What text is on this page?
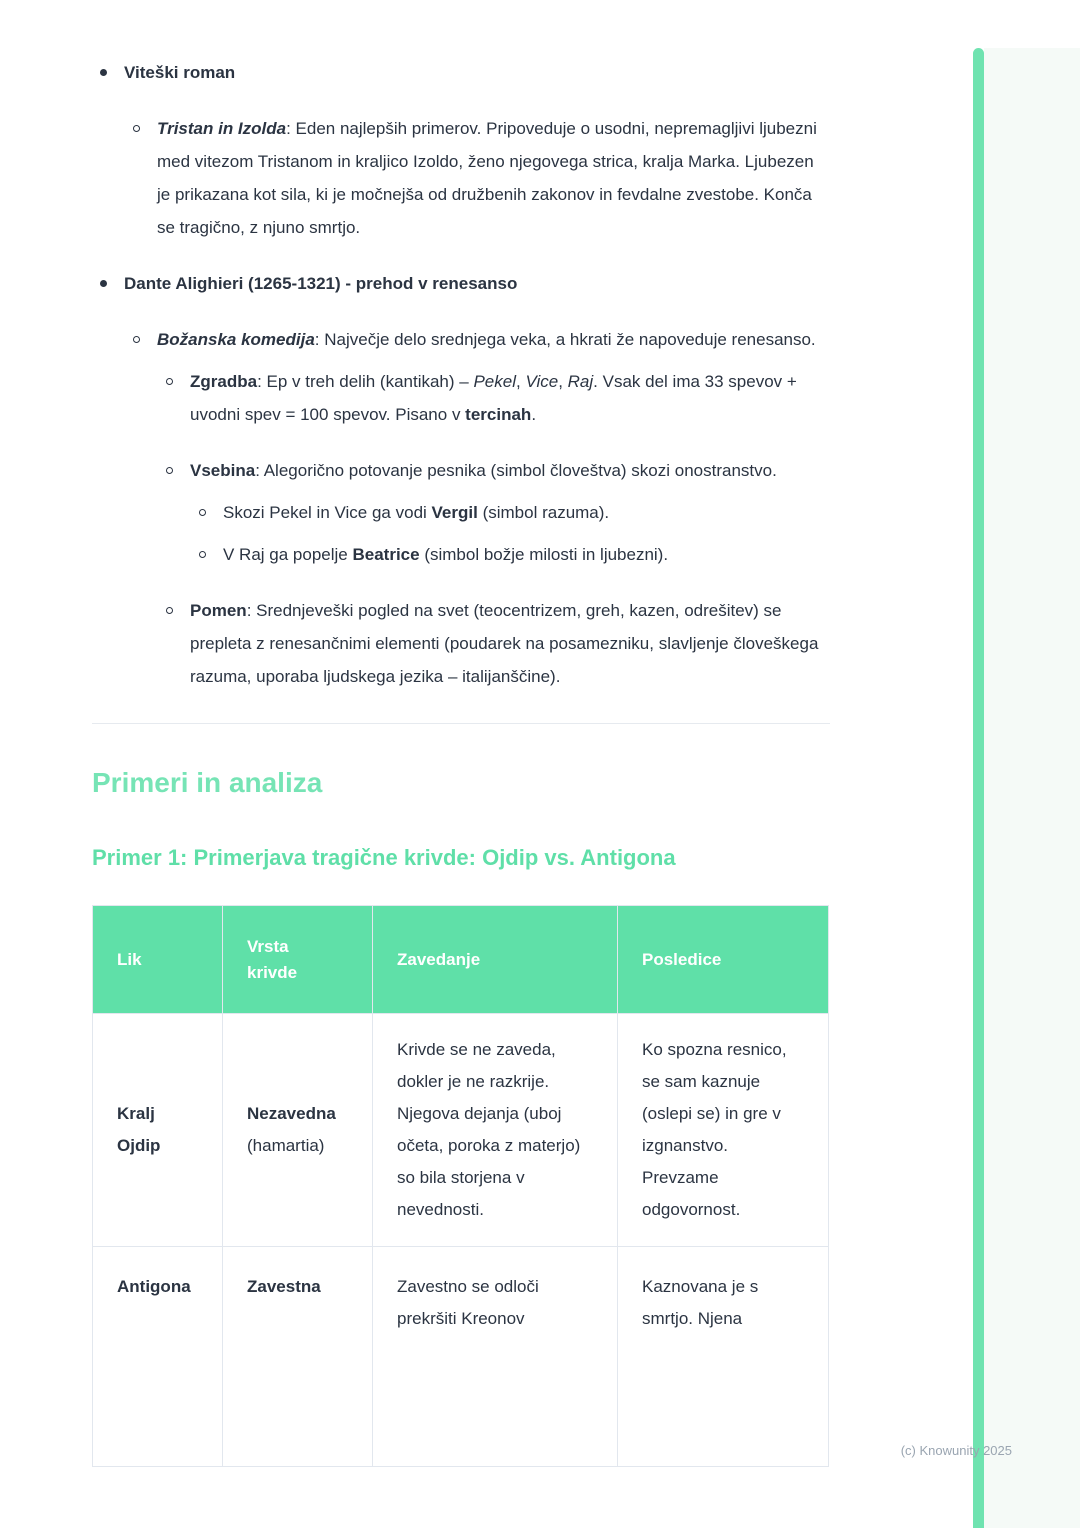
Viteški roman
Tristan in Izolda: Eden najlepših primerov. Pripoveduje o usodni, nepremagljivi ljubezni med vitezom Tristanom in kraljico Izoldo, ženo njegovega strica, kralja Marka. Ljubezen je prikazana kot sila, ki je močnejša od družbenih zakonov in fevdalne zvestobe. Konča se tragično, z njuno smrtjo.
Dante Alighieri (1265-1321) - prehod v renesanso
Božanska komedija: Največje delo srednjega veka, a hkrati že napoveduje renesanso.
Zgradba: Ep v treh delih (kantikah) – Pekel, Vice, Raj. Vsak del ima 33 spevov + uvodni spev = 100 spevov. Pisano v tercinah.
Vsebina: Alegorično potovanje pesnika (simbol človeštva) skozi onostranstvo.
Skozi Pekel in Vice ga vodi Vergil (simbol razuma).
V Raj ga popelje Beatrice (simbol božje milosti in ljubezni).
Pomen: Srednjeveški pogled na svet (teocentrizem, greh, kazen, odrešitev) se prepleta z renesančnimi elementi (poudarek na posamezniku, slavljenje človeškega razuma, uporaba ljudskega jezika – italijanščine).
Primeri in analiza
Primer 1: Primerjava tragične krivde: Ojdip vs. Antigona
Lik	Vrsta krivde	Zavedanje	Posledice
Kralj Ojdip	Nezavedna (hamartia)	Krivde se ne zaveda, dokler je ne razkrije. Njegova dejanja (uboj očeta, poroka z materjo) so bila storjena v nevednosti.	Ko spozna resnico, se sam kaznuje (oslepi se) in gre v izgnanstvo. Prevzame odgovornost.
Antigona	Zavestna	Zavestno se odloči prekršiti Kreonov	Kaznovana je s smrtjo. Njena
(c) Knowunity 2025
